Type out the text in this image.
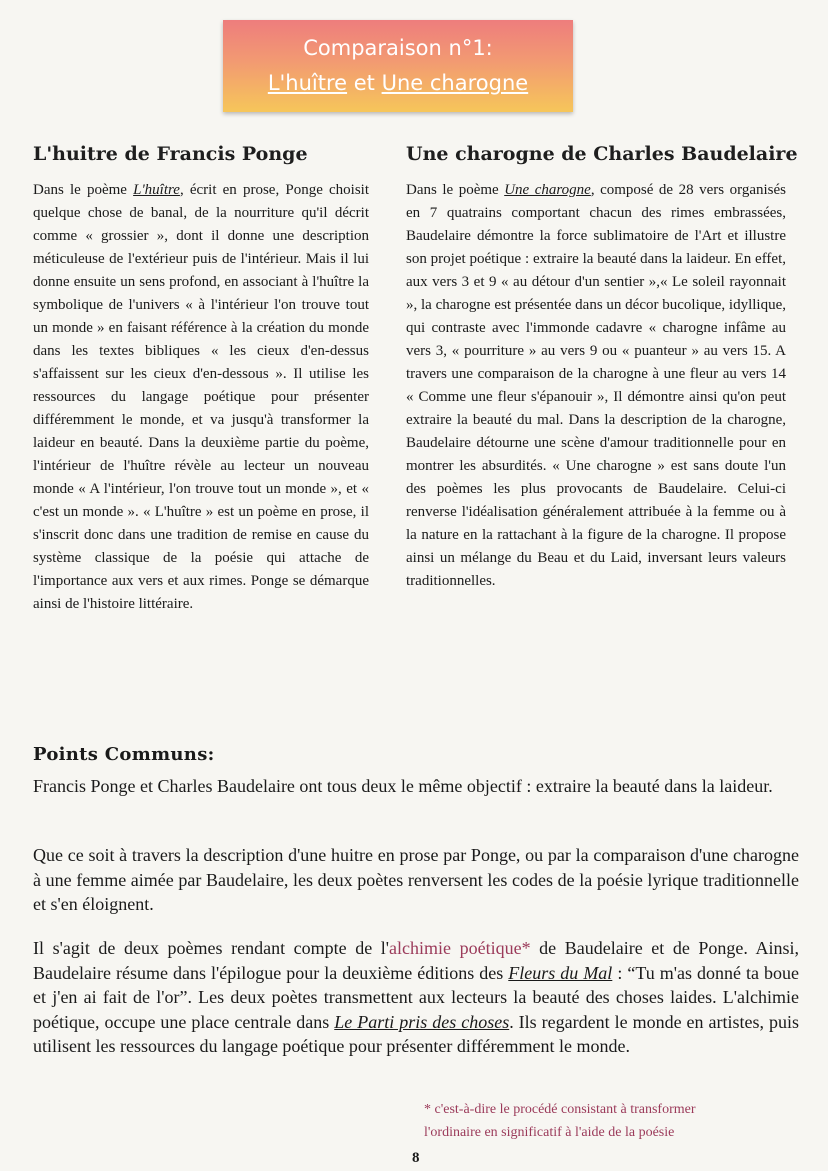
Comparaison n°1:
L'huître et Une charogne
L'huitre de Francis Ponge	Une charogne de Charles Baudelaire

Dans le poème L'huître, écrit en prose, Ponge choisit quelque chose de banal, de la nourriture qu'il décrit comme « grossier », dont il donne une description méticuleuse de l'extérieur puis de l'intérieur. Mais il lui donne ensuite un sens profond, en associant à l'huître la symbolique de l'univers « à l'intérieur l'on trouve tout un monde » en faisant référence à la création du monde dans les textes bibliques « les cieux d'en-dessus s'affaissent sur les cieux d'en-dessous ». Il utilise les ressources du langage poétique pour présenter différemment le monde, et va jusqu'à transformer la laideur en beauté. Dans la deuxième partie du poème, l'intérieur de l'huître révèle au lecteur un nouveau monde « A l'intérieur, l'on trouve tout un monde », et « c'est un monde ». « L'huître » est un poème en prose, il s'inscrit donc dans une tradition de remise en cause du système classique de la poésie qui attache de l'importance aux vers et aux rimes. Ponge se démarque ainsi de l'histoire littéraire.

Dans le poème Une charogne, composé de 28 vers organisés en 7 quatrains comportant chacun des rimes embrassées, Baudelaire démontre la force sublimatoire de l'Art et illustre son projet poétique : extraire la beauté dans la laideur. En effet, aux vers 3 et 9 « au détour d'un sentier »,« Le soleil rayonnait », la charogne est présentée dans un décor bucolique, idyllique, qui contraste avec l'immonde cadavre « charogne infâme au vers 3, « pourriture » au vers 9 ou « puanteur » au vers 15. A travers une comparaison de la charogne à une fleur au vers 14 « Comme une fleur s'épanouir », Il démontre ainsi qu'on peut extraire la beauté du mal. Dans la description de la charogne, Baudelaire détourne une scène d'amour traditionnelle pour en montrer les absurdités. « Une charogne » est sans doute l'un des poèmes les plus provocants de Baudelaire. Celui-ci renverse l'idéalisation généralement attribuée à la femme ou à la nature en la rattachant à la figure de la charogne. Il propose ainsi un mélange du Beau et du Laid, inversant leurs valeurs traditionnelles.

Points Communs:

Francis Ponge et Charles Baudelaire ont tous deux le même objectif : extraire la beauté dans la laideur.

Que ce soit à travers la description d'une huitre en prose par Ponge, ou par la comparaison d'une charogne à une femme aimée par Baudelaire, les deux poètes renversent les codes de la poésie lyrique traditionnelle et s'en éloignent.

Il s'agit de deux poèmes rendant compte de l'alchimie poétique* de Baudelaire et de Ponge. Ainsi, Baudelaire résume dans l'épilogue pour la deuxième éditions des Fleurs du Mal : “Tu m'as donné ta boue et j'en ai fait de l'or”. Les deux poètes transmettent aux lecteurs la beauté des choses laides. L'alchimie poétique, occupe une place centrale dans Le Parti pris des choses. Ils regardent le monde en artistes, puis utilisent les ressources du langage poétique pour présenter différemment le monde.

* c'est-à-dire le procédé consistant à transformer
l'ordinaire en significatif à l'aide de la poésie
8
